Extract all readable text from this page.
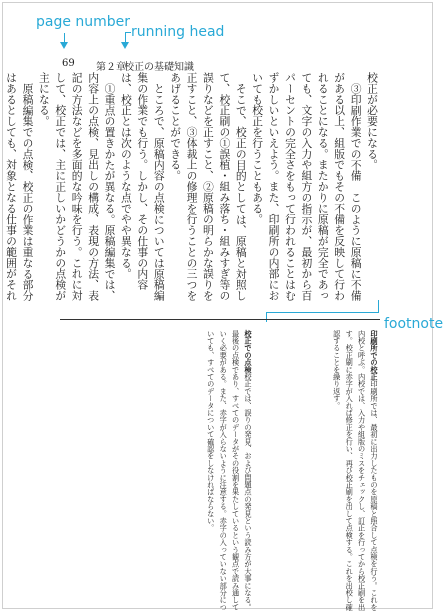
page number
running head
69 第２章
校正の基礎知識

校正が必要になる。

③印刷作業での不備　このように原稿に不備がある以上、組版でもその不備を反映して行われることになる。またかりに原稿が完全であっても、文字の入力や組方の指示が、最初から百パーセントの完全さをもって行われることはむずかしいといえよう。また、印刷所の内部においても校正を行うこともある。

そこで、校正の目的としては、原稿と対照して、校正刷の①誤植・組み落ち・組みすぎ等の誤りなどを正すこと、②原稿の明らかな誤りを正すこと、③体裁上の修理を行うことの三つをあげることができる。

ところで、原稿内容の点検については原稿編集の作業でも行う。しかし、その仕事の内容は、校正とは次のような点でやや異なる。

①重点の置きかたが異なる。原稿編集では、内容上の点検、見出しの構成、表現の方法、表記の方法などを多面的な吟味を行う。これに対して、校正では、主に正しいかどうかの点検が主になる。

原稿編集での点検、校正の作業は重なる部分はあるとしても、対象となる仕事の範囲がそれ

footnote
印刷所での校正印刷所では、最初に出力したものを原稿と照合して点検を行う。これを内校と呼ぶ。内校では、入力や組版のミスをチェックし、訂正を行ってから校正刷を出す。校正刷に赤字が入れば修正を行い、再び校正刷を出して点検する。これを出校し確認することを繰り返す。
校正での点検校正では、誤りの発見、および問題点の発見という読み方が大事になる。最後の点検であり、すべてのデータがその役割を果たしているという観点で読み通していく必要がある。また、赤字が入らないように注意する。赤字の入っていない部分についても、すべてのデータについて確認をしなければならない。
